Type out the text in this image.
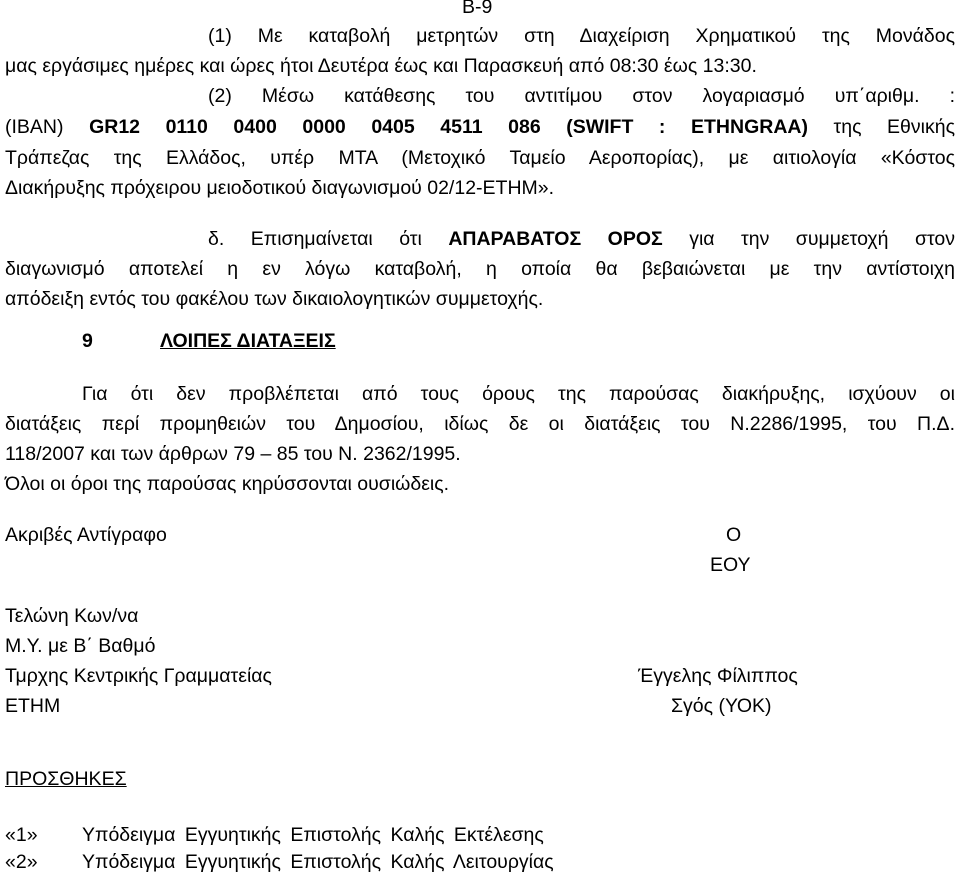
Β-9
(1) Με καταβολή μετρητών στη Διαχείριση Χρηματικού της Μονάδος
μας εργάσιμες ημέρες και ώρες ήτοι Δευτέρα έως και Παρασκευή από 08:30 έως 13:30.
(2) Μέσω κατάθεσης του αντιτίμου στον λογαριασμό υπ΄αριθμ. :
(IBAN) GR12 0110 0400 0000 0405 4511 086 (SWIFT : ETHNGRAA) της Εθνικής
Τράπεζας της Ελλάδος, υπέρ ΜΤΑ (Μετοχικό Ταμείο Αεροπορίας), με αιτιολογία «Κόστος
Διακήρυξης πρόχειρου μειοδοτικού διαγωνισμού 02/12-ΕΤΗΜ».
δ. Επισημαίνεται ότι ΑΠΑΡΑΒΑΤΟΣ ΟΡΟΣ για την συμμετοχή στον
διαγωνισμό αποτελεί η εν λόγω καταβολή, η οποία θα βεβαιώνεται με την αντίστοιχη
απόδειξη εντός του φακέλου των δικαιολογητικών συμμετοχής.
9	ΛΟΙΠΕΣ ΔΙΑΤΑΞΕΙΣ
Για ότι δεν προβλέπεται από τους όρους της παρούσας διακήρυξης, ισχύουν οι
διατάξεις περί προμηθειών του Δημοσίου, ιδίως δε οι διατάξεις του Ν.2286/1995, του Π.Δ.
118/2007 και των άρθρων 79 – 85 του Ν. 2362/1995.
Όλοι οι όροι της παρούσας κηρύσσονται ουσιώδεις.
Ακριβές Αντίγραφο	Ο
ΕΟΥ
Τελώνη Κων/να
Μ.Υ. με Β΄ Βαθμό
Τμρχης Κεντρικής Γραμματείας
ΕΤΗΜ
Έγγελης Φίλιππος
Σγός (ΥΟΚ)
ΠΡΟΣΘΗΚΕΣ
«1» Υπόδειγμα Εγγυητικής Επιστολής Καλής Εκτέλεσης
«2» Υπόδειγμα Εγγυητικής Επιστολής Καλής Λειτουργίας
